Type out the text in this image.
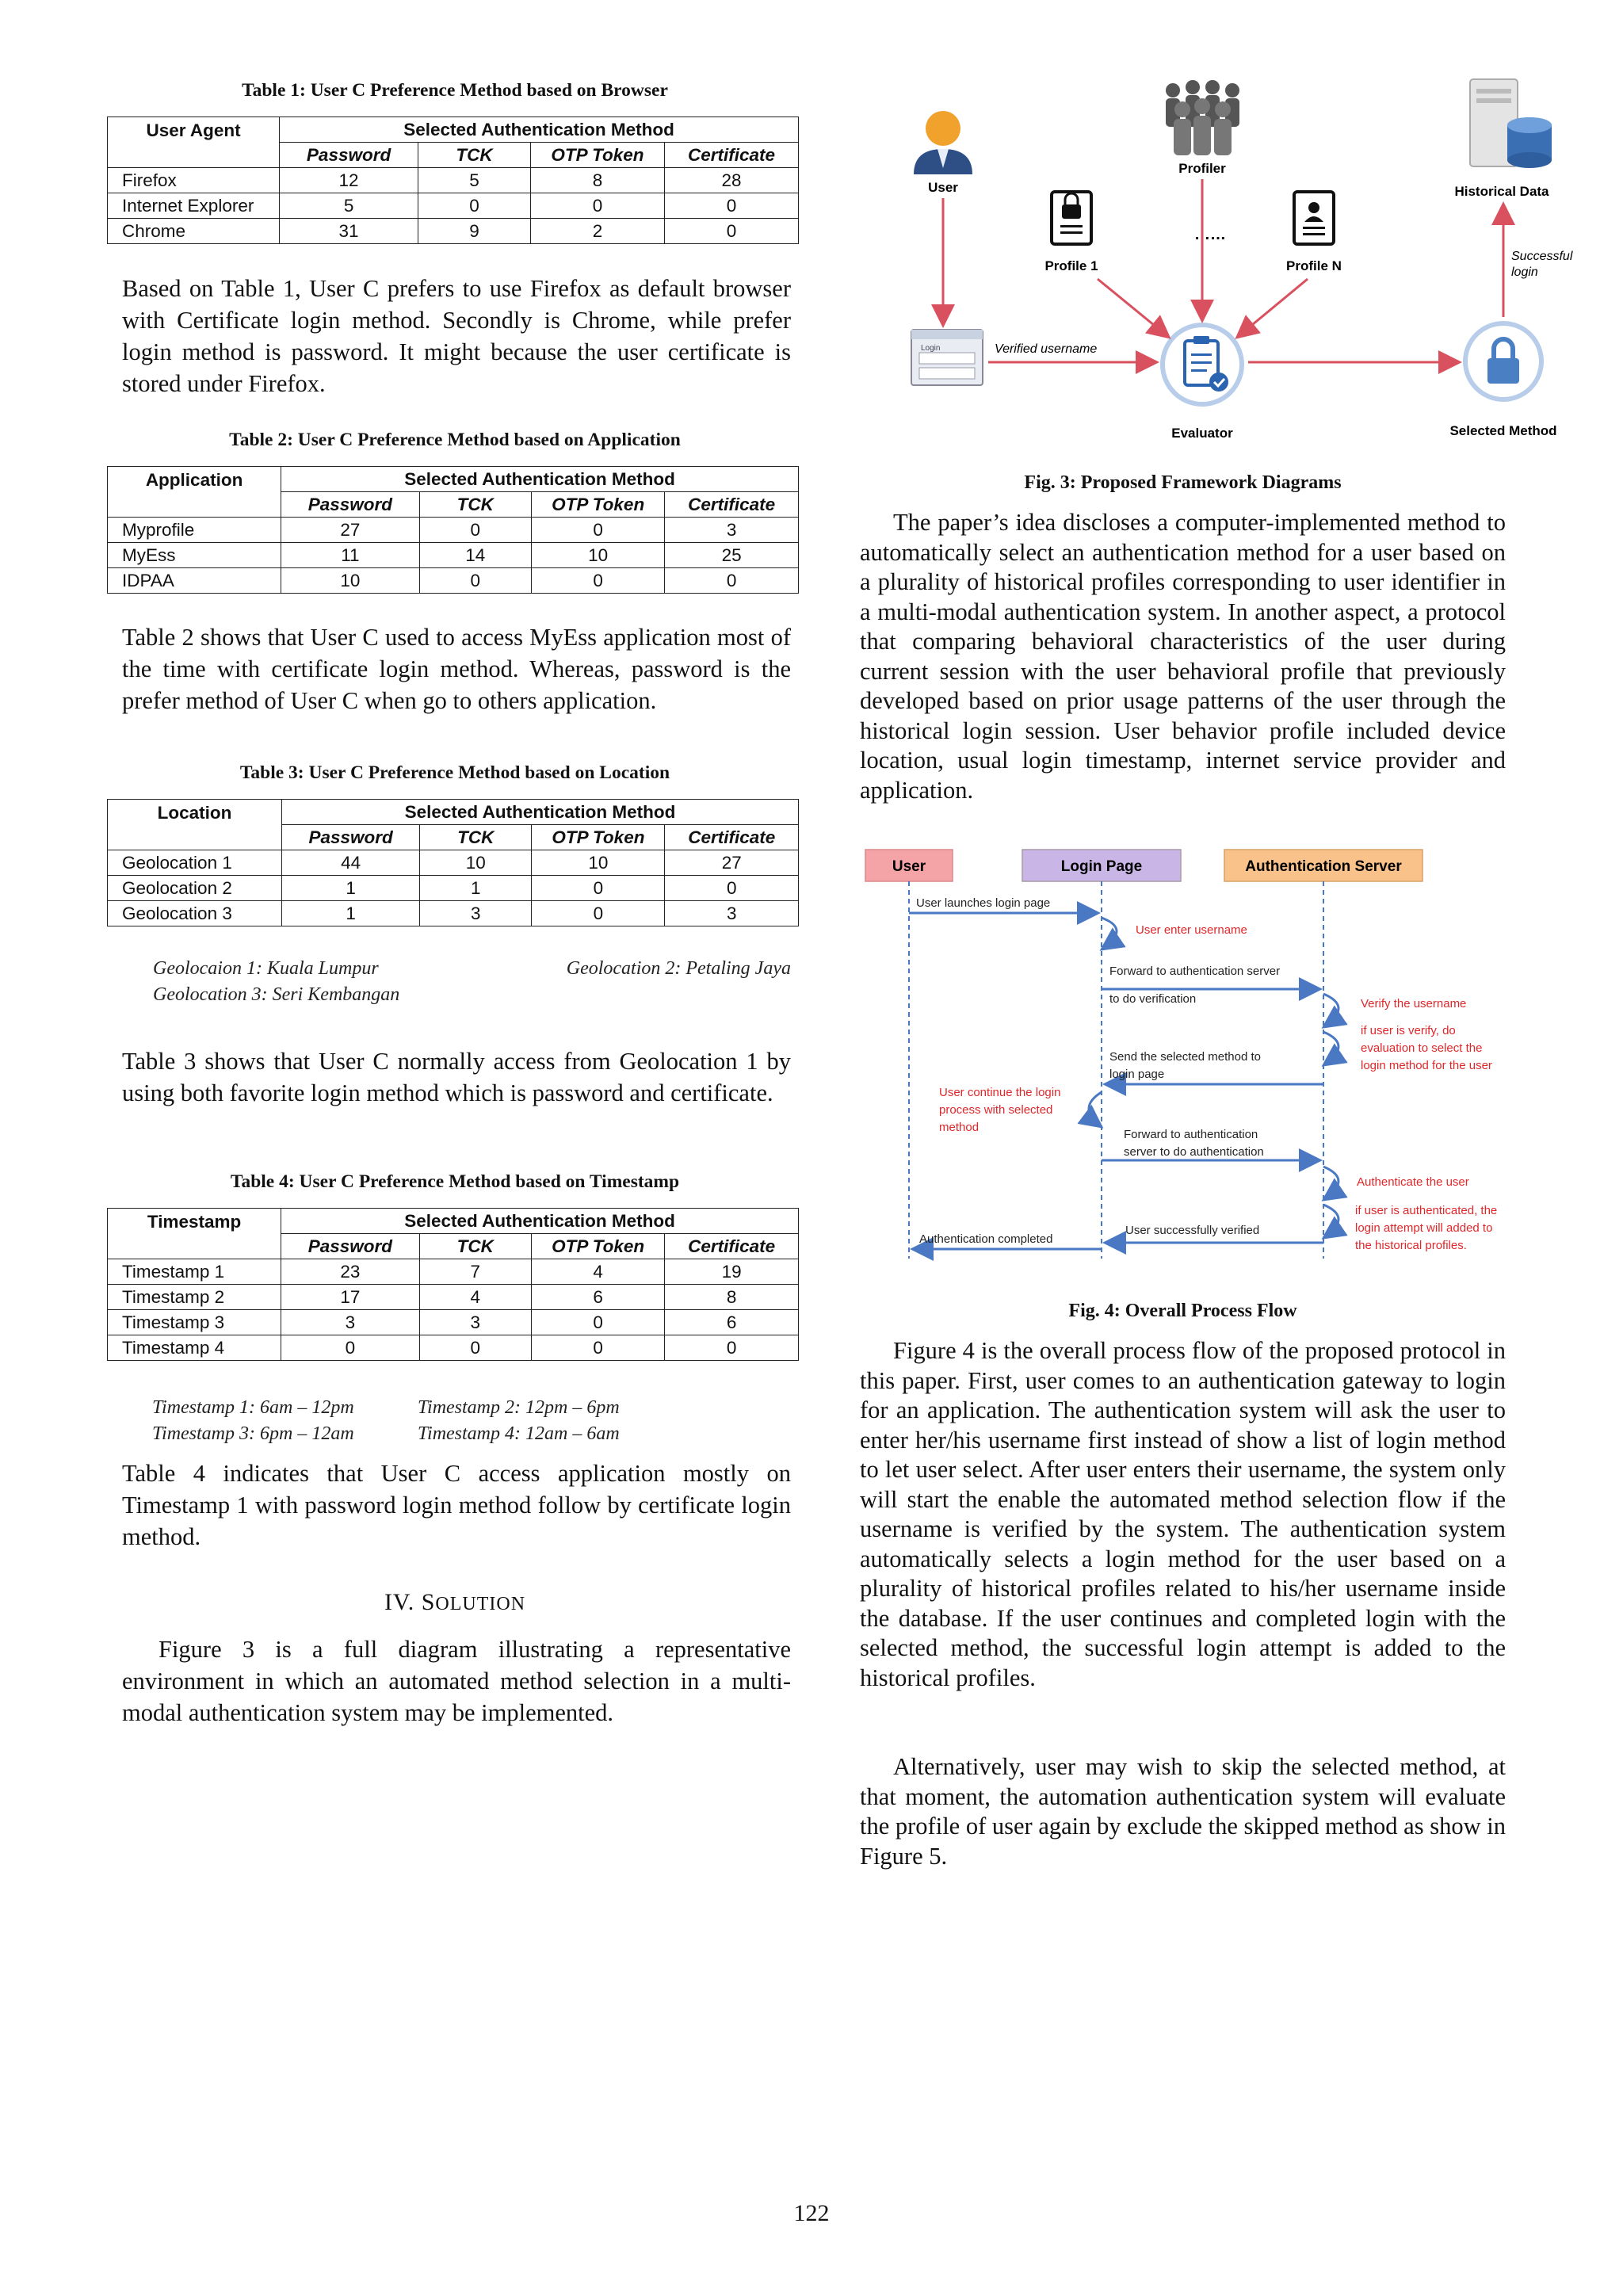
Table 1: User C Preference Method based on Browser
User Agent	Selected Authentication Method			
	Password	TCK	OTP Token	Certificate
Firefox	12	5	8	28
Internet Explorer	5	0	0	0
Chrome	31	9	2	0
Based on Table 1, User C prefers to use Firefox as default browser with Certificate login method. Secondly is Chrome, while prefer login method is password. It might because the user certificate is stored under Firefox.
Table 2: User C Preference Method based on Application
Application	Selected Authentication Method			
	Password	TCK	OTP Token	Certificate
Myprofile	27	0	0	3
MyEss	11	14	10	25
IDPAA	10	0	0	0
Table 2 shows that User C used to access MyEss application most of the time with certificate login method. Whereas, password is the prefer method of User C when go to others application.
Table 3: User C Preference Method based on Location
Location	Selected Authentication Method			
	Password	TCK	OTP Token	Certificate
Geolocation 1	44	10	10	27
Geolocation 2	1	1	0	0
Geolocation 3	1	3	0	3
Geolocaion 1: Kuala Lumpur	Geolocation 2: Petaling Jaya
Geolocation 3: Seri Kembangan
Table 3 shows that User C normally access from Geolocation 1 by using both favorite login method which is password and certificate.
Table 4: User C Preference Method based on Timestamp
Timestamp	Selected Authentication Method			
	Password	TCK	OTP Token	Certificate
Timestamp 1	23	7	4	19
Timestamp 2	17	4	6	8
Timestamp 3	3	3	0	6
Timestamp 4	0	0	0	0
Timestamp 1: 6am – 12pm	Timestamp 2: 12pm – 6pm
Timestamp 3: 6pm – 12am	Timestamp 4: 12am – 6am
Table 4 indicates that User C access application mostly on Timestamp 1 with password login method follow by certificate login method.
IV. SOLUTION
Figure 3 is a full diagram illustrating a representative environment in which an automated method selection in a multi-modal authentication system may be implemented.
User
Profiler
Historical Data
Profile 1
……
Profile N
Successful
login
Login	Verified username
Evaluator	Selected Method
Fig. 3: Proposed Framework Diagrams
The paper’s idea discloses a computer-implemented method to automatically select an authentication method for a user based on a plurality of historical profiles corresponding to user identifier in a multi-modal authentication system. In another aspect, a protocol that comparing behavioral characteristics of the user during current session with the user behavioral profile that previously developed based on prior usage patterns of the user through the historical login session. User behavior profile included device location, usual login timestamp, internet service provider and application.
User	Login Page	Authentication Server
User launches login page
Forward to authentication server
to do verification
Send the selected method to
login page
Forward to authentication
server to do authentication
User successfully verified
Authentication completed
User enter username
Verify the username
if user is verify, do
evaluation to select the
login method for the user
User continue the login
process with selected
method
Authenticate the user
if user is authenticated, the
login attempt will added to
the historical profiles.
Fig. 4: Overall Process Flow
Figure 4 is the overall process flow of the proposed protocol in this paper. First, user comes to an authentication gateway to login for an application. The authentication system will ask the user to enter her/his username first instead of show a list of login method to let user select. After user enters their username, the system only will start the enable the automated method selection flow if the username is verified by the system. The authentication system automatically selects a login method for the user based on a plurality of historical profiles related to his/her username inside the database. If the user continues and completed login with the selected method, the successful login attempt is added to the historical profiles.
Alternatively, user may wish to skip the selected method, at that moment, the automation authentication system will evaluate the profile of user again by exclude the skipped method as show in Figure 5.
122
